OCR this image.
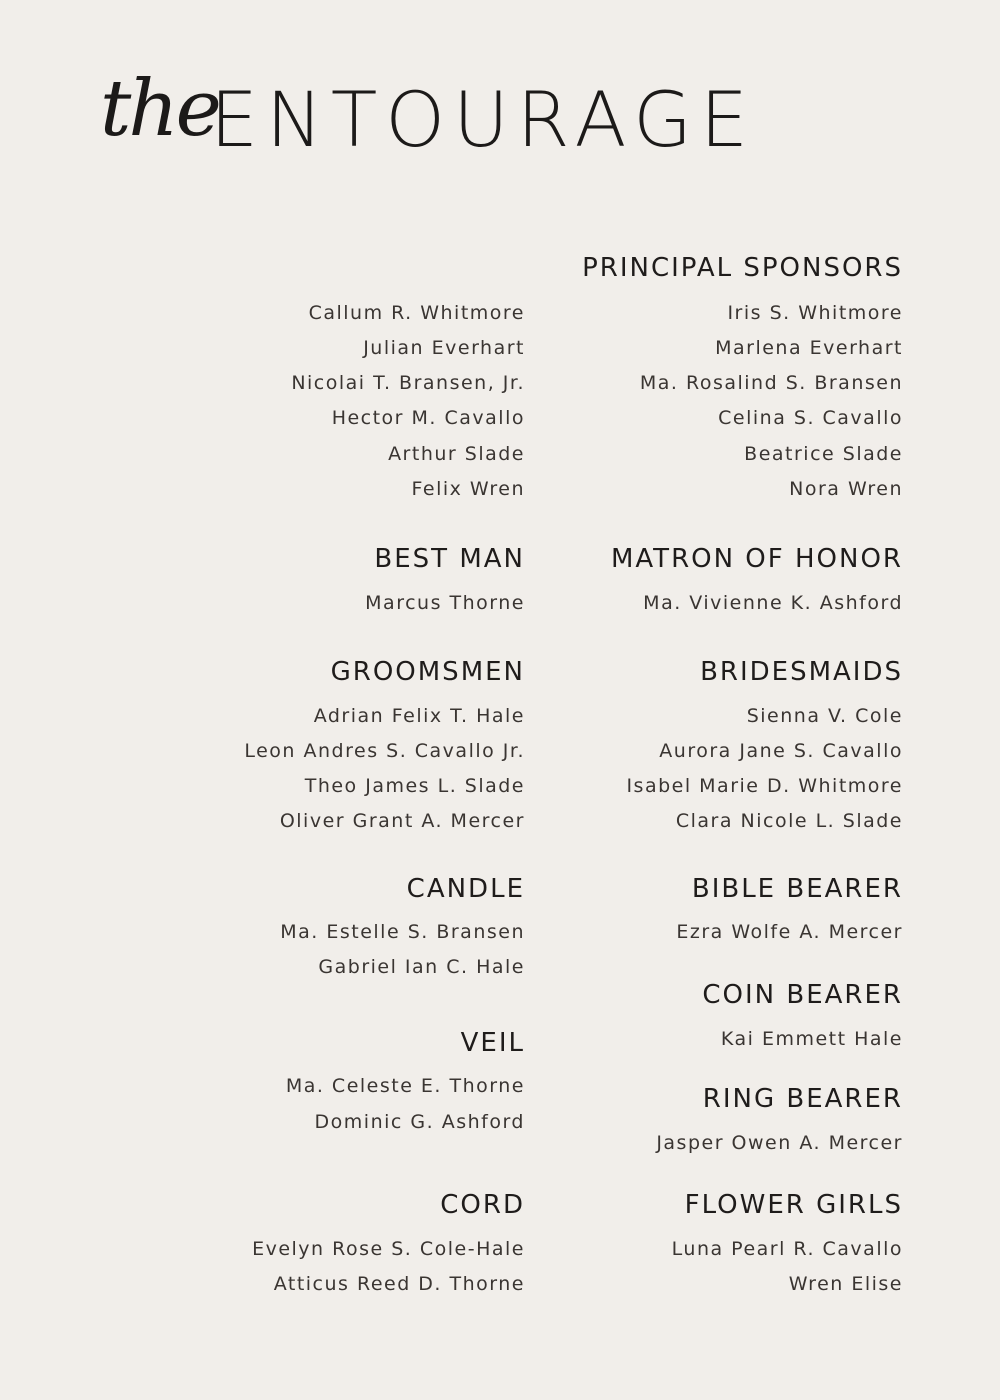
the
ENTOURAGE
Callum R. Whitmore
Julian Everhart
Nicolai T. Bransen, Jr.
Hector M. Cavallo
Arthur Slade
Felix Wren
BEST MAN
Marcus Thorne
GROOMSMEN
Adrian Felix T. Hale
Leon Andres S. Cavallo Jr.
Theo James L. Slade
Oliver Grant A. Mercer
CANDLE
Ma. Estelle S. Bransen
Gabriel Ian C. Hale
VEIL
Ma. Celeste E. Thorne
Dominic G. Ashford
CORD
Evelyn Rose S. Cole-Hale
Atticus Reed D. Thorne
PRINCIPAL SPONSORS
Iris S. Whitmore
Marlena Everhart
Ma. Rosalind S. Bransen
Celina S. Cavallo
Beatrice Slade
Nora Wren
MATRON OF HONOR
Ma. Vivienne K. Ashford
BRIDESMAIDS
Sienna V. Cole
Aurora Jane S. Cavallo
Isabel Marie D. Whitmore
Clara Nicole L. Slade
BIBLE BEARER
Ezra Wolfe A. Mercer
COIN BEARER
Kai Emmett Hale
RING BEARER
Jasper Owen A. Mercer
FLOWER GIRLS
Luna Pearl R. Cavallo
Wren Elise
